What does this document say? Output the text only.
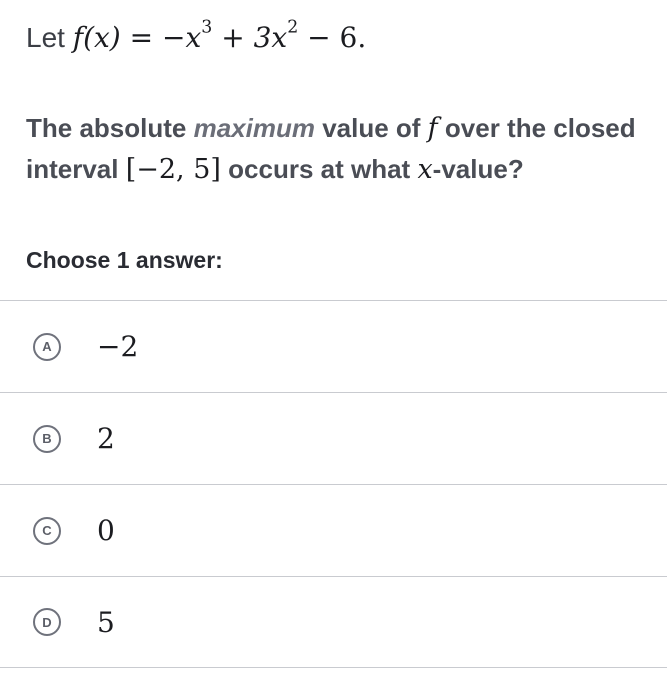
Let $f(x) = -x^3 + 3x^2 - 6$.
The absolute maximum value of f over the closed interval [−2, 5] occurs at what x-value?
Choose 1 answer:
A	−2
B	2
C	0
D	5
